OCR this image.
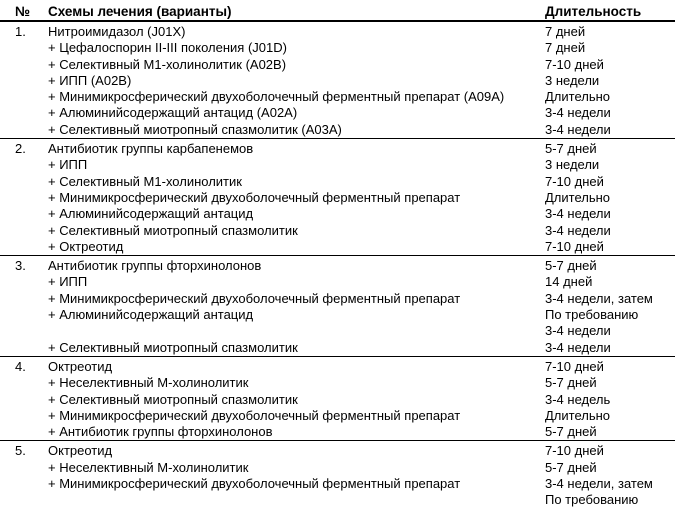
№	Схемы лечения (варианты)	Длительность
1.	Нитроимидазол (J01X)	7 дней
+ Цефалоспорин II-III поколения (J01D)	7 дней
+ Селективный М1-холинолитик (А02В)	7-10 дней
+ ИПП (А02В)	3 недели
+ Минимикросферический двухоболочечный ферментный препарат (А09А)	Длительно
+ Алюминийсодержащий антацид (А02А)	3-4 недели
+ Селективный миотропный спазмолитик (А03А)	3-4 недели
2.	Антибиотик группы карбапенемов	5-7 дней
+ ИПП	3 недели
+ Селективный М1-холинолитик	7-10 дней
+ Минимикросферический двухоболочечный ферментный препарат	Длительно
+ Алюминийсодержащий антацид	3-4 недели
+ Селективный миотропный спазмолитик	3-4 недели
+ Октреотид	7-10 дней
3.	Антибиотик группы фторхинолонов	5-7 дней
+ ИПП	14 дней
+ Минимикросферический двухоболочечный ферментный препарат	3-4 недели, затем
+ Алюминийсодержащий антацид	По требованию
3-4 недели
+ Селективный миотропный спазмолитик	3-4 недели
4.	Октреотид	7-10 дней
+ Неселективный М-холинолитик	5-7 дней
+ Селективный миотропный спазмолитик	3-4 недель
+ Минимикросферический двухоболочечный ферментный препарат	Длительно
+ Антибиотик группы фторхинолонов	5-7 дней
5.	Октреотид	7-10 дней
+ Неселективный М-холинолитик	5-7 дней
+ Минимикросферический двухоболочечный ферментный препарат	3-4 недели, затем
По требованию
